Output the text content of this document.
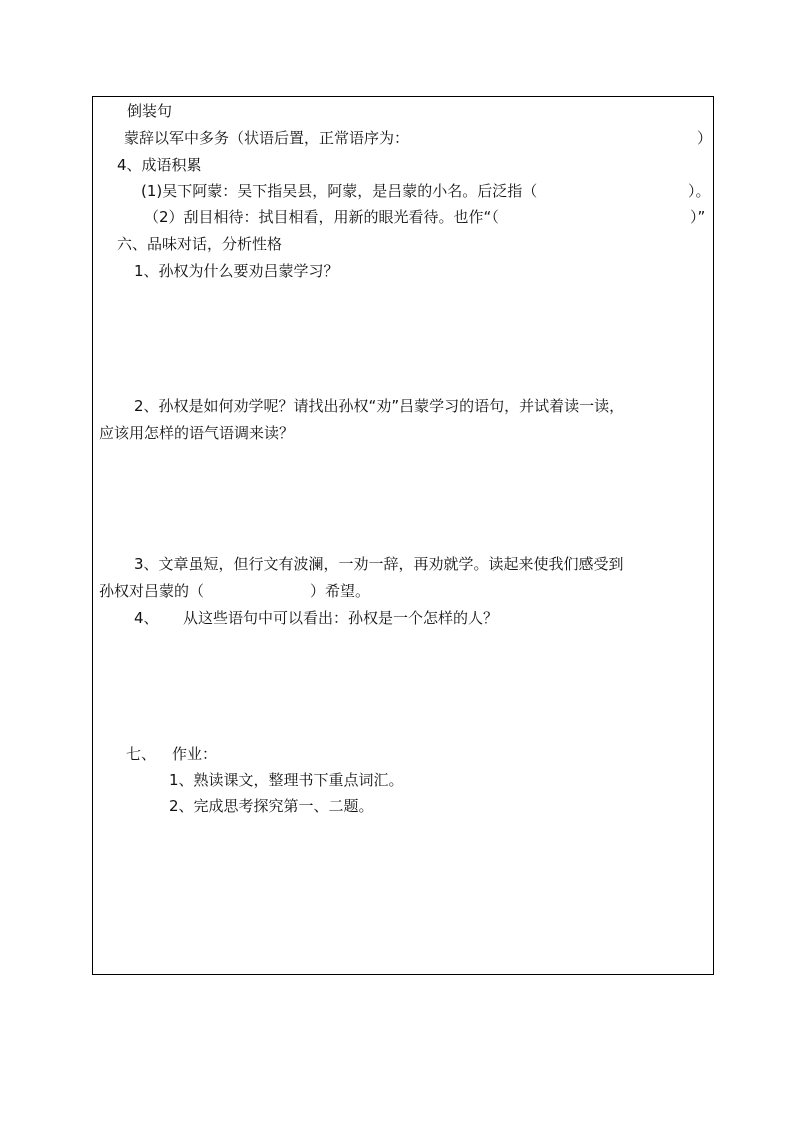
倒装句
蒙辞以军中多务（状语后置，正常语序为：	）
4、成语积累
(1)吴下阿蒙：吴下指吴县，阿蒙，是吕蒙的小名。后泛指（	）。
（2）刮目相待：拭目相看，用新的眼光看待。也作“（	）”
六、品味对话，分析性格
1、孙权为什么要劝吕蒙学习？
2、孙权是如何劝学呢？请找出孙权“劝”吕蒙学习的语句，并试着读一读，
应该用怎样的语气语调来读？
3、文章虽短，但行文有波澜，一劝一辞，再劝就学。读起来使我们感受到
孙权对吕蒙的（	）希望。
4、 从这些语句中可以看出：孙权是一个怎样的人？
七、 作业：
1、熟读课文，整理书下重点词汇。
2、完成思考探究第一、二题。
